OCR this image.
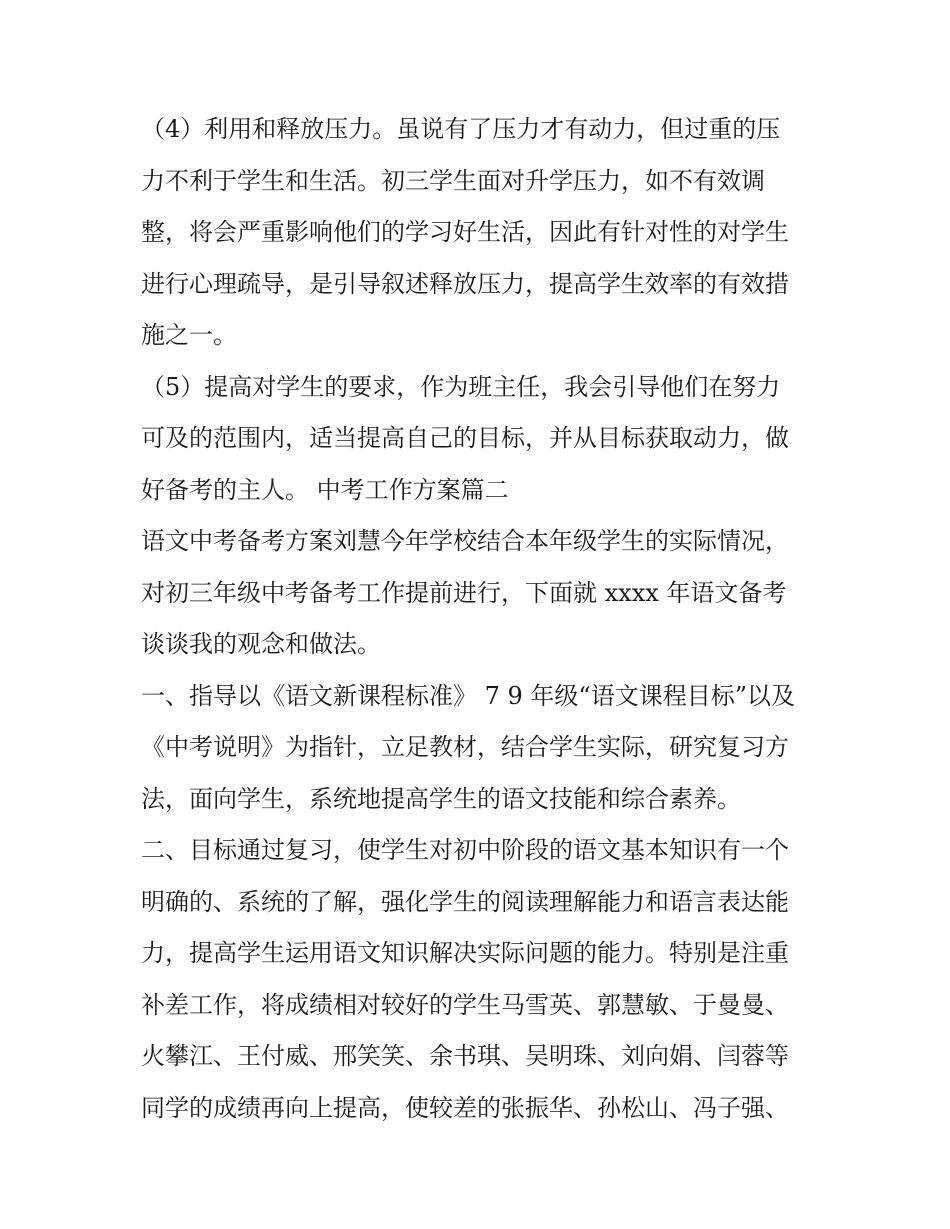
（4）利用和释放压力。虽说有了压力才有动力，但过重的压
力不利于学生和生活。初三学生面对升学压力，如不有效调
整，将会严重影响他们的学习好生活，因此有针对性的对学生
进行心理疏导，是引导叙述释放压力，提高学生效率的有效措
施之一。
（5）提高对学生的要求，作为班主任，我会引导他们在努力
可及的范围内，适当提高自己的目标，并从目标获取动力，做
好备考的主人。 中考工作方案篇二
语文中考备考方案刘慧今年学校结合本年级学生的实际情况，
对初三年级中考备考工作提前进行，下面就 xxxx 年语文备考
谈谈我的观念和做法。
一、指导以《语文新课程标准》 7 9 年级“语文课程目标”以及
《中考说明》为指针，立足教材，结合学生实际，研究复习方
法，面向学生，系统地提高学生的语文技能和综合素养。
二、目标通过复习，使学生对初中阶段的语文基本知识有一个
明确的、系统的了解，强化学生的阅读理解能力和语言表达能
力，提高学生运用语文知识解决实际问题的能力。特别是注重
补差工作，将成绩相对较好的学生马雪英、郭慧敏、于曼曼、
火攀江、王付威、邢笑笑、余书琪、吴明珠、刘向娟、闫蓉等
同学的成绩再向上提高，使较差的张振华、孙松山、冯子强、
